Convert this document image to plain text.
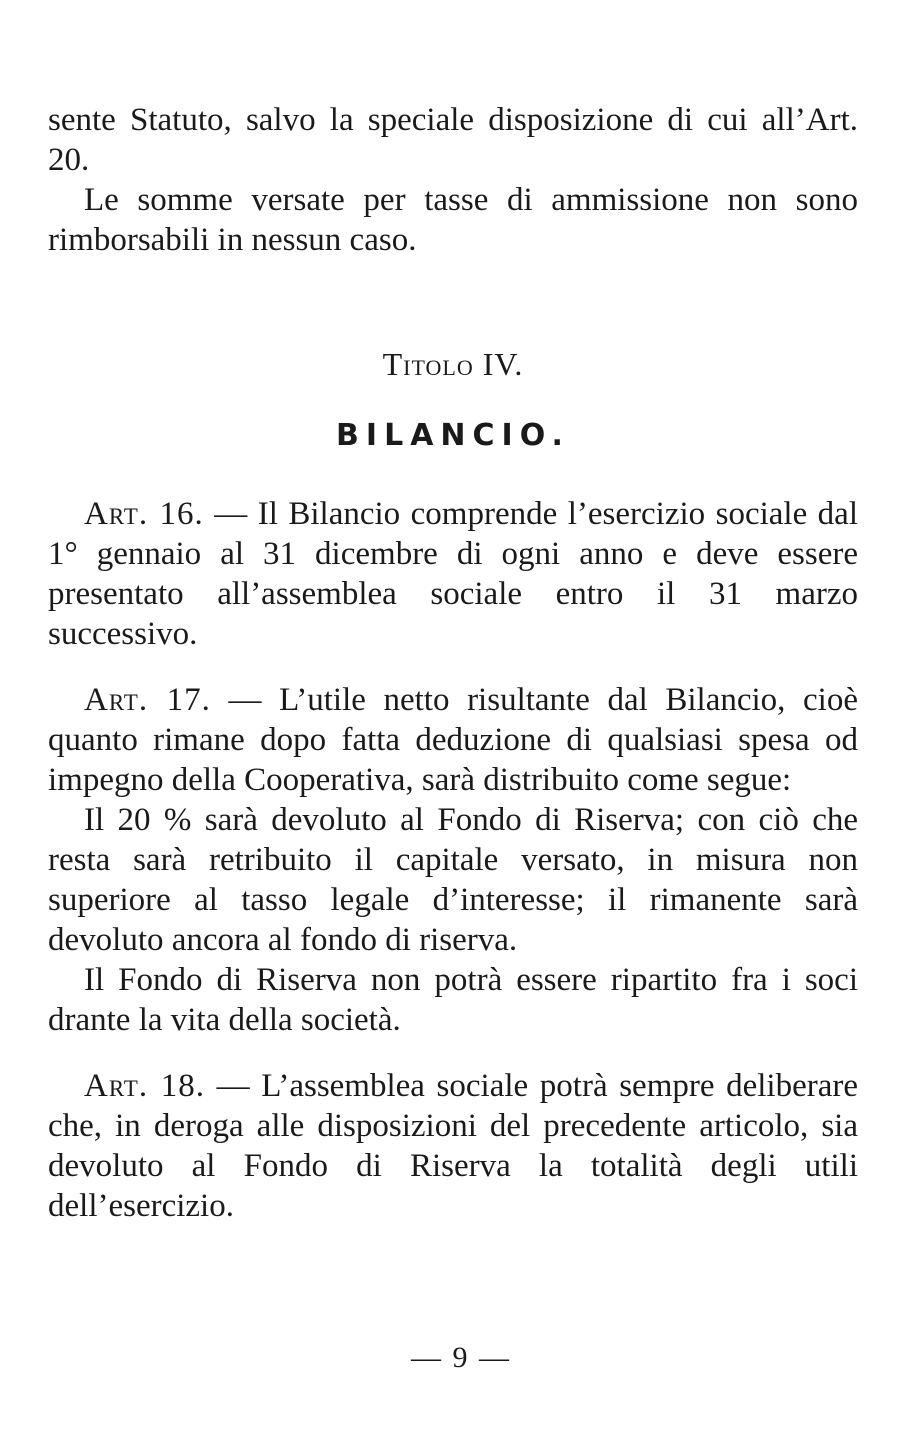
sente Statuto, salvo la speciale disposizione di cui all’Art. 20.

Le somme versate per tasse di ammissione non sono rimborsabili in nessun caso.

Titolo IV.
BILANCIO.

Art. 16. — Il Bilancio comprende l’esercizio sociale dal 1° gennaio al 31 dicembre di ogni anno e deve essere presentato all’assemblea sociale entro il 31 marzo successivo.

Art. 17. — L’utile netto risultante dal Bilancio, cioè quanto rimane dopo fatta deduzione di qualsiasi spesa od impegno della Cooperativa, sarà distribuito come segue:

Il 20 % sarà devoluto al Fondo di Riserva; con ciò che resta sarà retribuito il capitale versato, in misura non superiore al tasso legale d’interesse; il rimanente sarà devoluto ancora al fondo di riserva.

Il Fondo di Riserva non potrà essere ripartito fra i soci drante la vita della società.

Art. 18. — L’assemblea sociale potrà sempre deliberare che, in deroga alle disposizioni del precedente articolo, sia devoluto al Fondo di Riserva la totalità degli utili dell’esercizio.

— 9 —
